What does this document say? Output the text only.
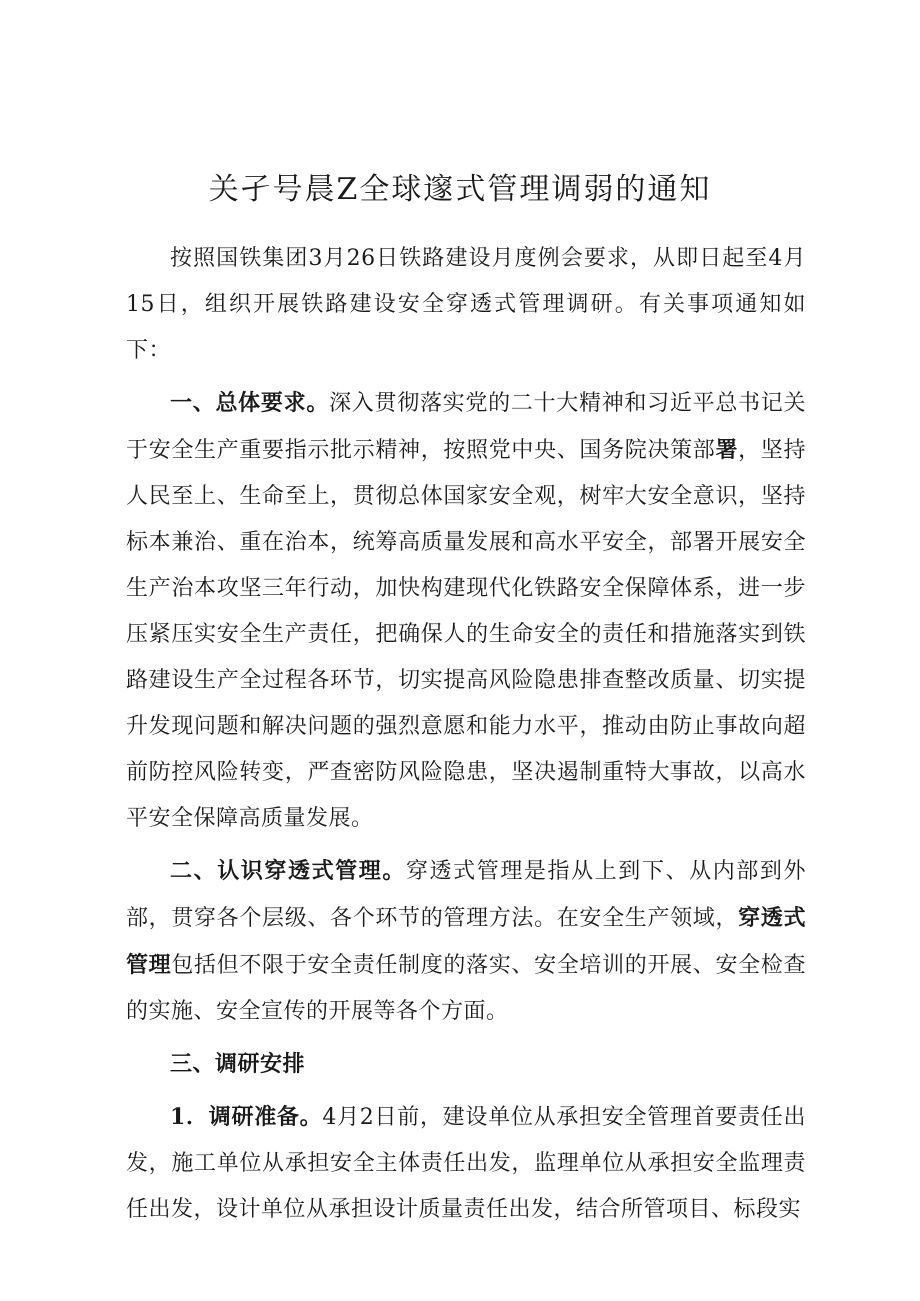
关孑号晨Z全球邃式管理调弱的通知

按照国铁集团3月26日铁路建设月度例会要求，从即日起至4月15日，组织开展铁路建设安全穿透式管理调研。有关事项通知如下：

一、总体要求。深入贯彻落实党的二十大精神和习近平总书记关于安全生产重要指示批示精神，按照党中央、国务院决策部署，坚持人民至上、生命至上，贯彻总体国家安全观，树牢大安全意识，坚持标本兼治、重在治本，统筹高质量发展和高水平安全，部署开展安全生产治本攻坚三年行动，加快构建现代化铁路安全保障体系，进一步压紧压实安全生产责任，把确保人的生命安全的责任和措施落实到铁路建设生产全过程各环节，切实提高风险隐患排查整改质量、切实提升发现问题和解决问题的强烈意愿和能力水平，推动由防止事故向超前防控风险转变，严查密防风险隐患，坚决遏制重特大事故，以高水平安全保障高质量发展。

二、认识穿透式管理。穿透式管理是指从上到下、从内部到外部，贯穿各个层级、各个环节的管理方法。在安全生产领域，穿透式管理包括但不限于安全责任制度的落实、安全培训的开展、安全检查的实施、安全宣传的开展等各个方面。

三、调研安排

1．调研准备。4月2日前，建设单位从承担安全管理首要责任出发，施工单位从承担安全主体责任出发，监理单位从承担安全监理责任出发，设计单位从承担设计质量责任出发，结合所管项目、标段实
